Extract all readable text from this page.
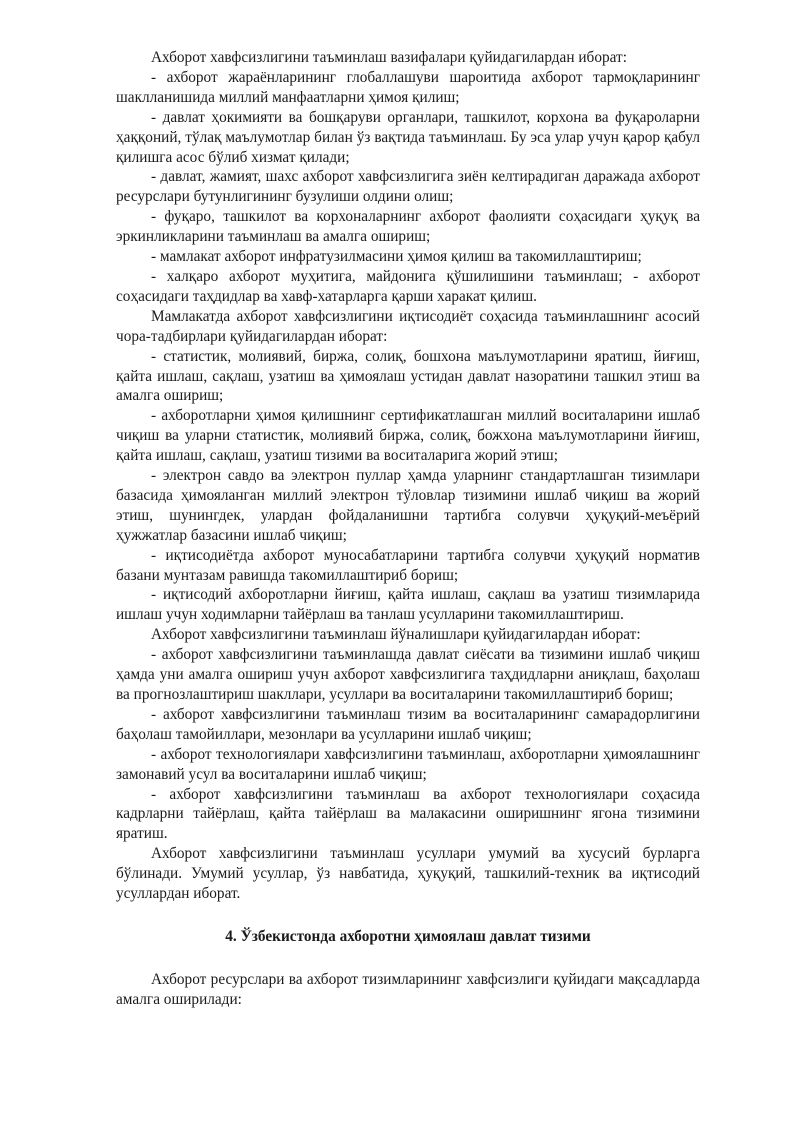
Ахборот хавфсизлигини таъминлаш вазифалари қуйидагилардан иборат:

- ахборот жараёнларининг глобаллашуви шароитида ахборот тармоқларининг шаклланишида миллий манфаатларни ҳимоя қилиш;

- давлат ҳокимияти ва бошқаруви органлари, ташкилот, корхона ва фуқароларни ҳаққоний, тўлақ маълумотлар билан ўз вақтида таъминлаш. Бу эса улар учун қарор қабул қилишга асос бўлиб хизмат қилади;

- давлат, жамият, шахс ахборот хавфсизлигига зиён келтирадиган даражада ахборот ресурслари бутунлигининг бузулиши олдини олиш;

- фуқаро, ташкилот ва корхоналарнинг ахборот фаолияти соҳасидаги ҳуқуқ ва эркинликларини таъминлаш ва амалга ошириш;

- мамлакат ахборот инфратузилмасини ҳимоя қилиш ва такомиллаштириш;

- халқаро ахборот муҳитига, майдонига қўшилишини таъминлаш; - ахборот соҳасидаги таҳдидлар ва хавф-хатарларга қарши харакат қилиш.

Мамлакатда ахборот хавфсизлигини иқтисодиёт соҳасида таъминлашнинг асосий чора-тадбирлари қуйидагилардан иборат:

- статистик, молиявий, биржа, солиқ, бошхона маълумотларини яратиш, йиғиш, қайта ишлаш, сақлаш, узатиш ва ҳимоялаш устидан давлат назоратини ташкил этиш ва амалга ошириш;

- ахборотларни ҳимоя қилишнинг сертификатлашган миллий воситаларини ишлаб чиқиш ва уларни статистик, молиявий биржа, солиқ, божхона маълумотларини йиғиш, қайта ишлаш, сақлаш, узатиш тизими ва воситаларига жорий этиш;

- электрон савдо ва электрон пуллар ҳамда уларнинг стандартлашган тизимлари базасида ҳимояланган миллий электрон тўловлар тизимини ишлаб чиқиш ва жорий этиш, шунингдек, улардан фойдаланишни тартибга солувчи ҳуқуқий-меъёрий ҳужжатлар базасини ишлаб чиқиш;

- иқтисодиётда ахборот муносабатларини тартибга солувчи ҳуқуқий норматив базани мунтазам равишда такомиллаштириб бориш;

- иқтисодий ахборотларни йиғиш, қайта ишлаш, сақлаш ва узатиш тизимларида ишлаш учун ходимларни тайёрлаш ва танлаш усулларини такомиллаштириш.

Ахборот хавфсизлигини таъминлаш йўналишлари қуйидагилардан иборат:

- ахборот хавфсизлигини таъминлашда давлат сиёсати ва тизимини ишлаб чиқиш ҳамда уни амалга ошириш учун ахборот хавфсизлигига таҳдидларни аниқлаш, баҳолаш ва прогнозлаштириш шакллари, усуллари ва воситаларини такомиллаштириб бориш;

- ахборот хавфсизлигини таъминлаш тизим ва воситаларининг самарадорлигини баҳолаш тамойиллари, мезонлари ва усулларини ишлаб чиқиш;

- ахборот технологиялари хавфсизлигини таъминлаш, ахборотларни ҳимоялашнинг замонавий усул ва воситаларини ишлаб чиқиш;

- ахборот хавфсизлигини таъминлаш ва ахборот технологиялари соҳасида кадрларни тайёрлаш, қайта тайёрлаш ва малакасини оширишнинг ягона тизимини яратиш.

Ахборот хавфсизлигини таъминлаш усуллари умумий ва хусусий бурларга бўлинади. Умумий усуллар, ўз навбатида, ҳуқуқий, ташкилий-техник ва иқтисодий усуллардан иборат.

4. Ўзбекистонда ахборотни ҳимоялаш давлат тизими

Ахборот ресурслари ва ахборот тизимларининг хавфсизлиги қуйидаги мақсадларда амалга оширилади:
